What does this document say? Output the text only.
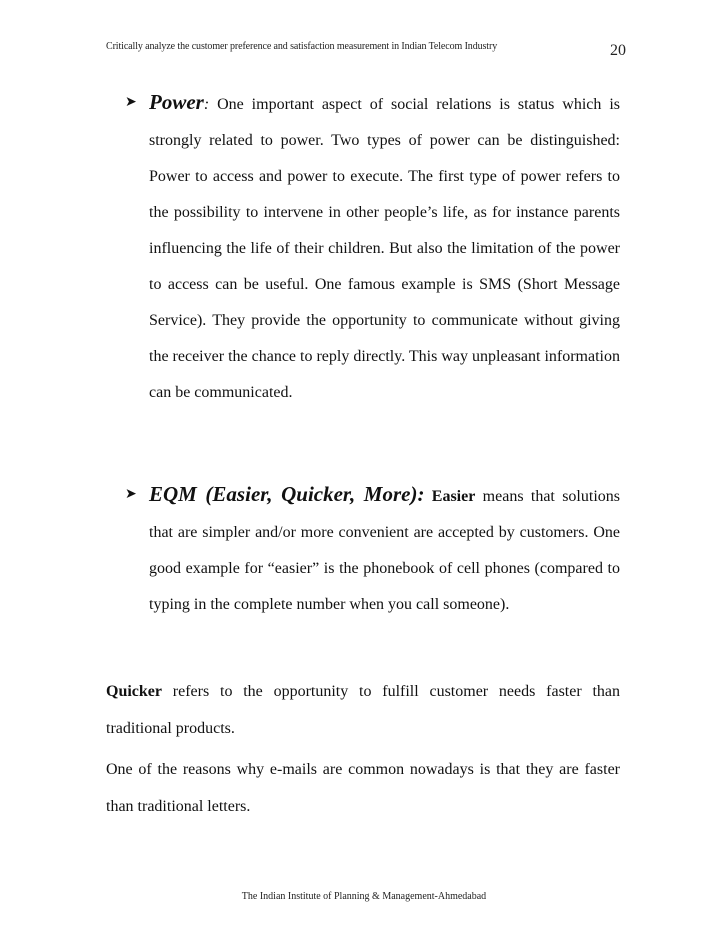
Critically analyze the customer preference and satisfaction measurement in Indian Telecom Industry	20
➤ Power: One important aspect of social relations is status which is strongly related to power. Two types of power can be distinguished: Power to access and power to execute. The first type of power refers to the possibility to intervene in other people’s life, as for instance parents influencing the life of their children. But also the limitation of the power to access can be useful. One famous example is SMS (Short Message Service). They provide the opportunity to communicate without giving the receiver the chance to reply directly. This way unpleasant information can be communicated.
➤ EQM (Easier, Quicker, More): Easier means that solutions that are simpler and/or more convenient are accepted by customers. One good example for “easier” is the phonebook of cell phones (compared to typing in the complete number when you call someone).
Quicker refers to the opportunity to fulfill customer needs faster than traditional products.
One of the reasons why e-mails are common nowadays is that they are faster than traditional letters.
The Indian Institute of Planning & Management-Ahmedabad
